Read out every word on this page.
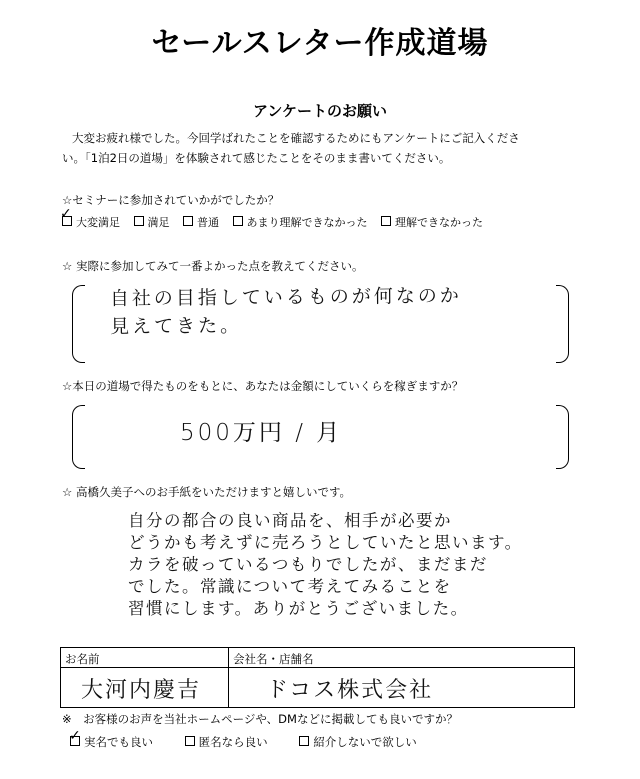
セールスレター作成道場
アンケートのお願い
大変お疲れ様でした。今回学ばれたことを確認するためにもアンケートにご記入くださ
い。「1泊2日の道場」を体験されて感じたことをそのまま書いてください。
☆セミナーに参加されていかがでしたか？
大変満足
✓
満足	普通	あまり理解できなかった	理解できなかった
☆ 実際に参加してみて一番よかった点を教えてください。
自社の目指しているものが何なのか
見えてきた。
☆本日の道場で得たものをもとに、あなたは金額にしていくらを稼ぎますか？
500万円 / 月
☆ 高橋久美子へのお手紙をいただけますと嬉しいです。
自分の都合の良い商品を、相手が必要か
どうかも考えずに売ろうとしていたと思います。
カラを破っているつもりでしたが、まだまだ
でした。常識について考えてみることを
習慣にします。ありがとうございました。
お名前	会社名・店舗名
大河内慶吉	ドコス株式会社
※　お客様のお声を当社ホームページや、DMなどに掲載しても良いですか？
実名でも良い
✓	匿名なら良い	紹介しないで欲しい
